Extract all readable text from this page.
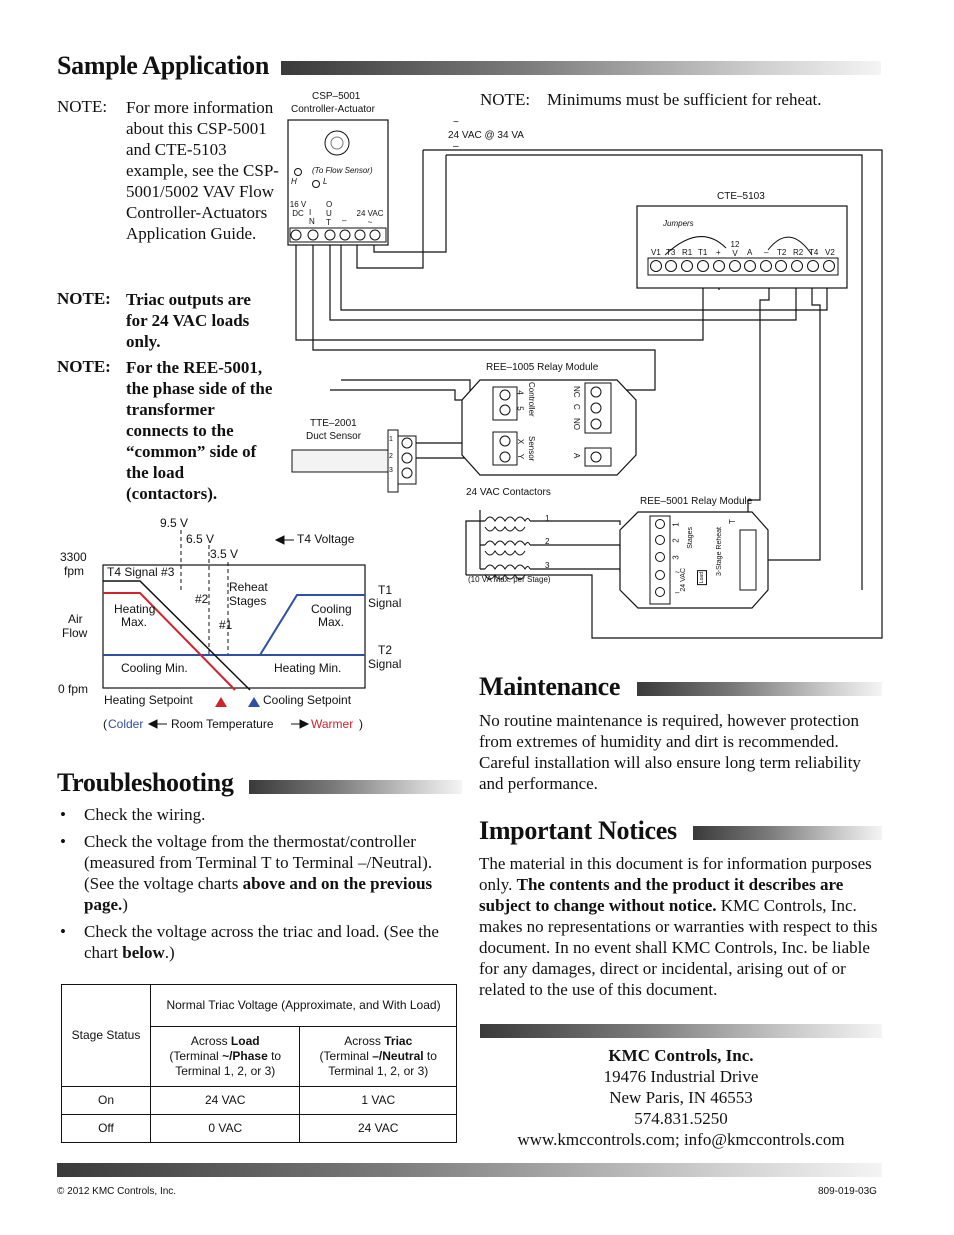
Sample Application
NOTE:	For more information about this CSP-5001 and CTE-5103 example, see the CSP-5001/5002 VAV Flow Controller-Actuators Application Guide.
NOTE: Triac outputs are for 24 VAC loads only.
NOTE: For the REE-5001, the phase side of the transformer connects to the “common” side of the load (contactors).
NOTE:    Minimums must be sufficient for reheat.
CSP–5001
Controller-Actuator
(To Flow Sensor)
H	L
16 V DC I N
O U T	–
24 VAC ~
~
24 VAC @ 34 VA
–
CTE–5103
Jumpers
V1 T3 R1 T1 +
12 V	A – T2 R2 T4 V2
REE–1005 Relay Module
Controller
4
5
Sensor
X
Y
NC
C
NO
A
TTE–2001
Duct Sensor	1
2
3
24 VAC Contactors
1
2
3
(10 VA Max. per Stage)
REE–5001 Relay Module
1
2
3
Stages	3-Stage Reheat
T
24 VAC
~
–
Load
9.5 V
6.5 V
3.5 V
T4 Voltage
3300
fpm
Air
Flow
0 fpm
T4 Signal #3
#2
#1
Reheat
Stages
Heating
Max.
Cooling
Max.
Cooling Min.	Heating Min.
T1
Signal
T2
Signal
Heating Setpoint	Cooling Setpoint
( Colder Room Temperature	Warmer )
Troubleshooting
• Check the wiring.
• Check the voltage from the thermostat/controller (measured from Terminal T to Terminal –/Neutral). (See the voltage charts above and on the previous page.)
• Check the voltage across the triac and load. (See the chart below.)
Stage Status	Normal Triac Voltage (Approximate, and With Load)	
	Across Load
(Terminal ~/Phase to
Terminal 1, 2, or 3)	Across Triac
(Terminal –/Neutral to
Terminal 1, 2, or 3)
On	24 VAC	1 VAC
Off	0 VAC	24 VAC
Maintenance
No routine maintenance is required, however protection from extremes of humidity and dirt is recommended. Careful installation will also ensure long term reliability and performance.
Important Notices
The material in this document is for information purposes only. The contents and the product it describes are subject to change without notice. KMC Controls, Inc. makes no representations or warranties with respect to this document. In no event shall KMC Controls, Inc. be liable for any damages, direct or incidental, arising out of or related to the use of this document.
KMC Controls, Inc.
19476 Industrial Drive
New Paris, IN 46553
574.831.5250
www.kmccontrols.com; info@kmccontrols.com
© 2012 KMC Controls, Inc.	809-019-03G
